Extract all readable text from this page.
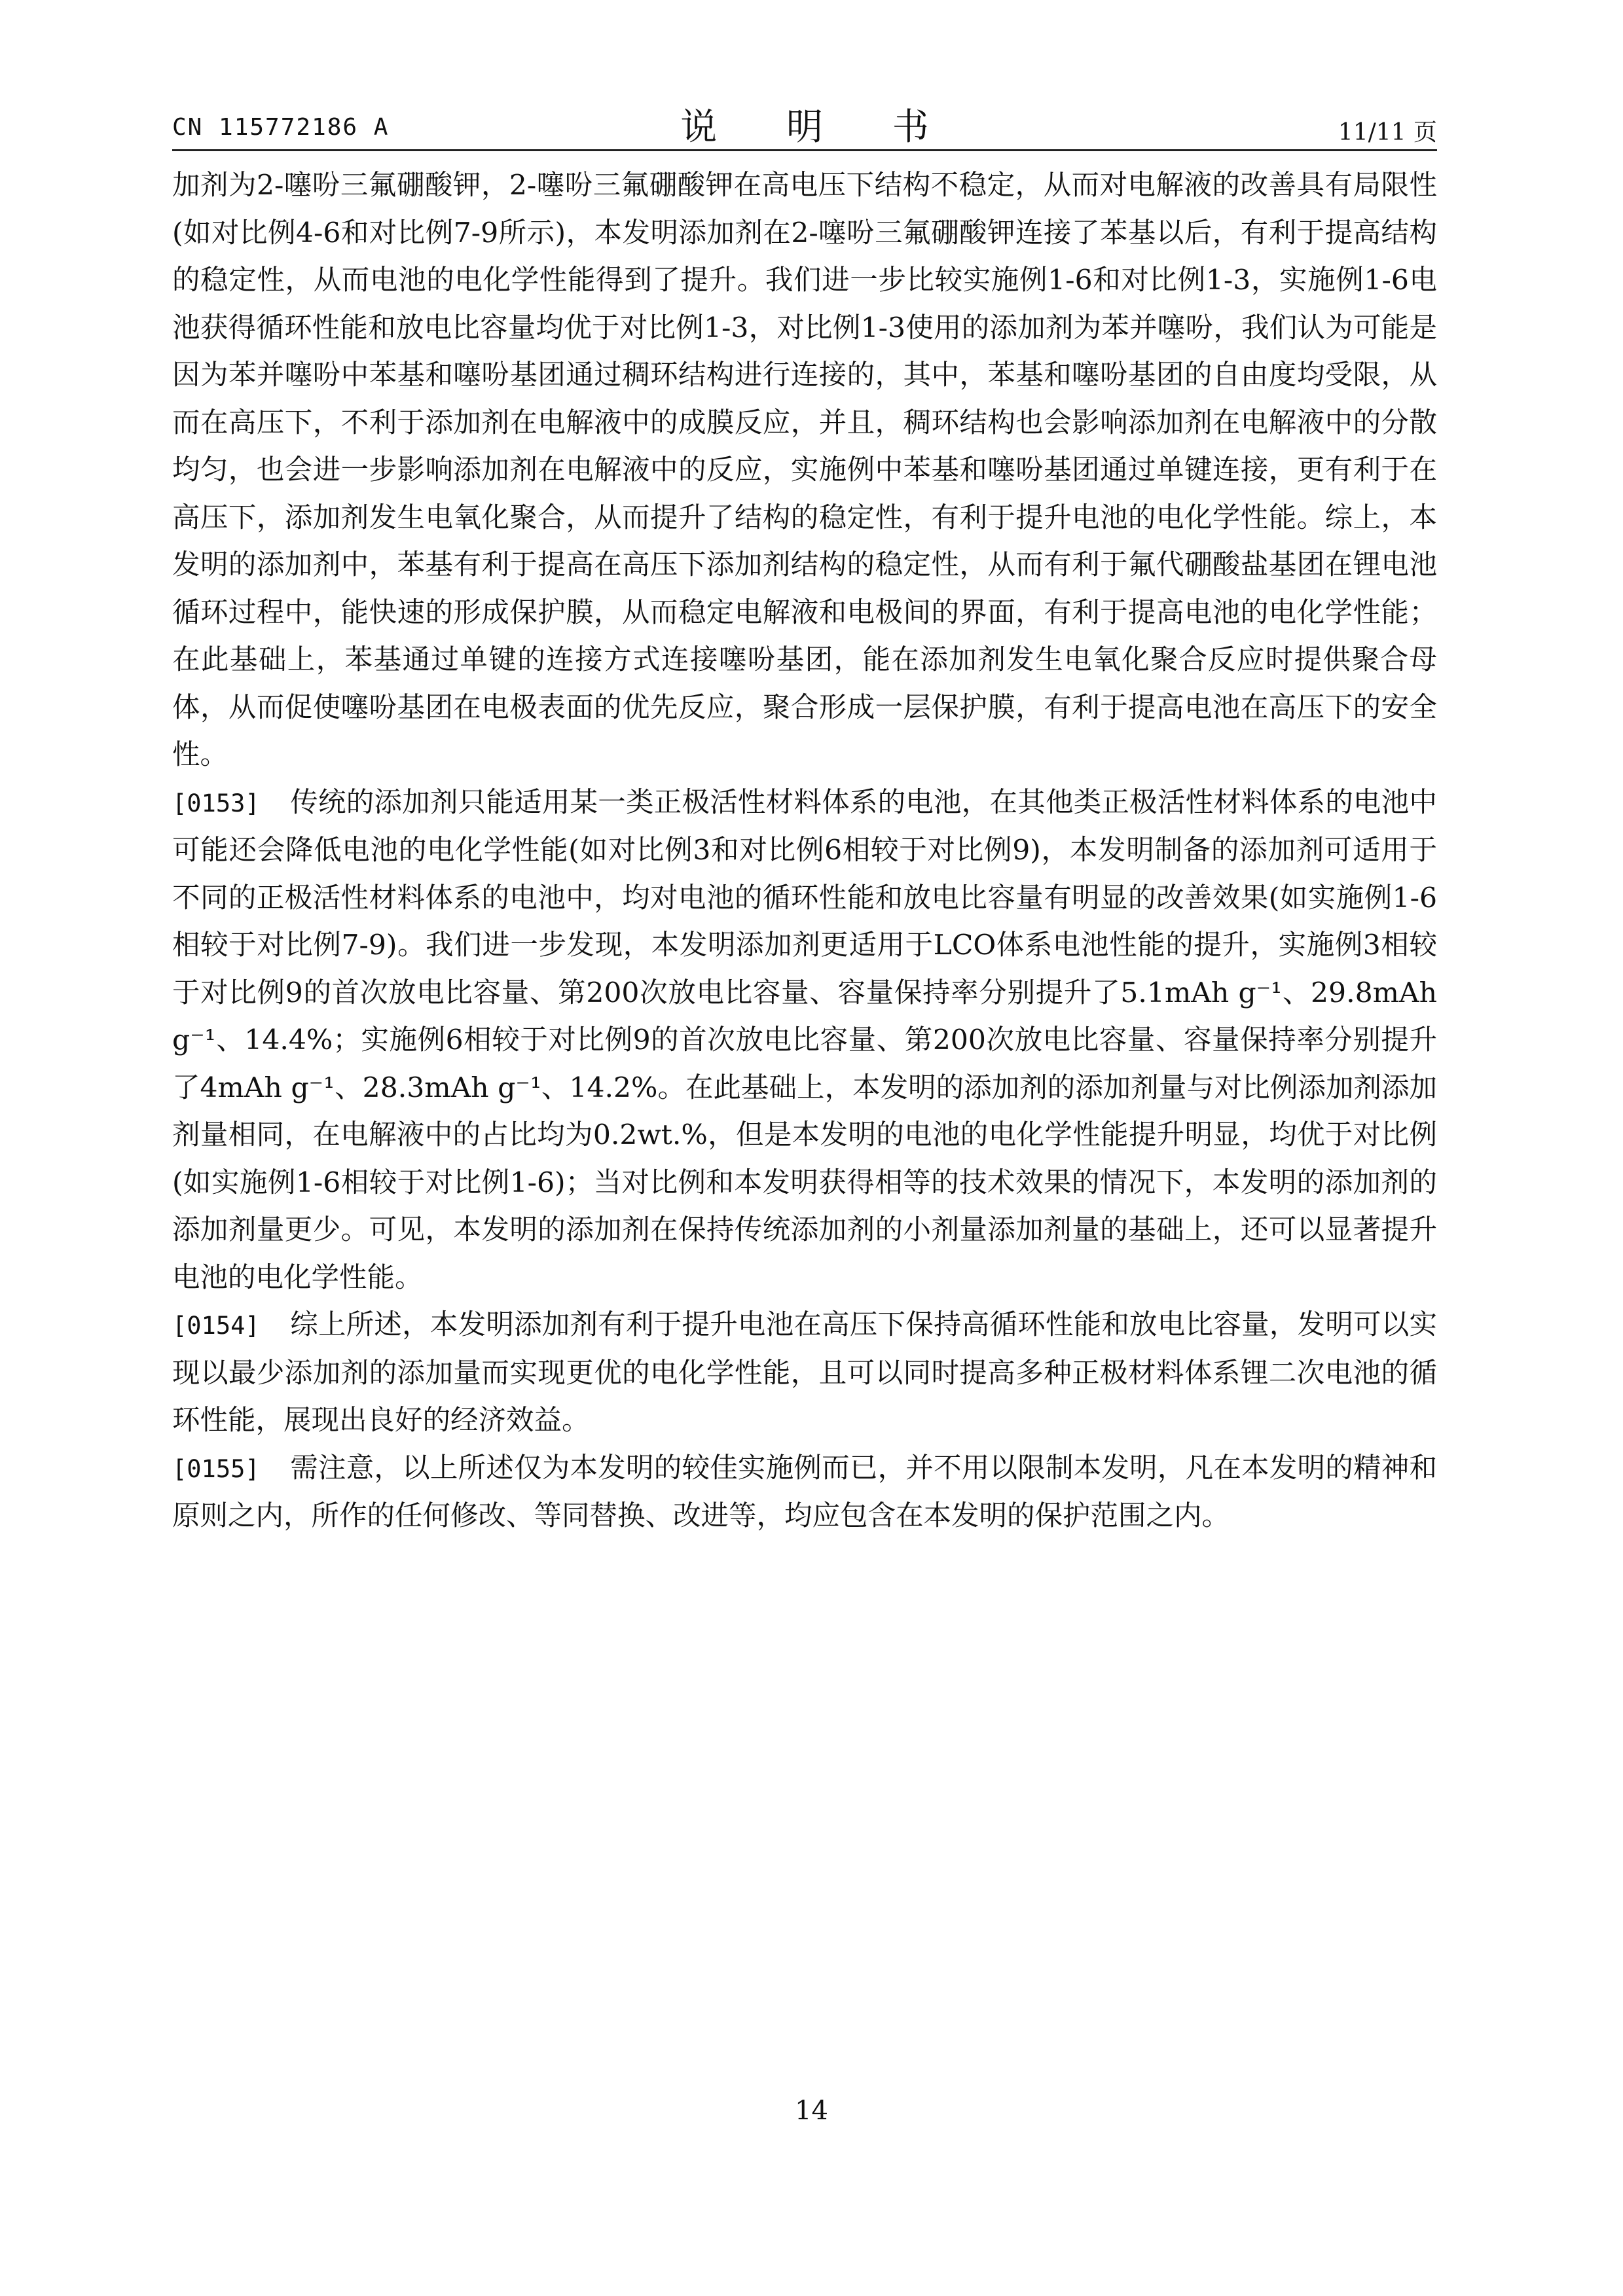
CN 115772186 A	说 明 书	11/11 页

加剂为2-噻吩三氟硼酸钾，2-噻吩三氟硼酸钾在高电压下结构不稳定，从而对电解液的改善具有局限性(如对比例4-6和对比例7-9所示)，本发明添加剂在2-噻吩三氟硼酸钾连接了苯基以后，有利于提高结构的稳定性，从而电池的电化学性能得到了提升。我们进一步比较实施例1-6和对比例1-3，实施例1-6电池获得循环性能和放电比容量均优于对比例1-3，对比例1-3使用的添加剂为苯并噻吩，我们认为可能是因为苯并噻吩中苯基和噻吩基团通过稠环结构进行连接的，其中，苯基和噻吩基团的自由度均受限，从而在高压下，不利于添加剂在电解液中的成膜反应，并且，稠环结构也会影响添加剂在电解液中的分散均匀，也会进一步影响添加剂在电解液中的反应，实施例中苯基和噻吩基团通过单键连接，更有利于在高压下，添加剂发生电氧化聚合，从而提升了结构的稳定性，有利于提升电池的电化学性能。综上，本发明的添加剂中，苯基有利于提高在高压下添加剂结构的稳定性，从而有利于氟代硼酸盐基团在锂电池循环过程中，能快速的形成保护膜，从而稳定电解液和电极间的界面，有利于提高电池的电化学性能；在此基础上，苯基通过单键的连接方式连接噻吩基团，能在添加剂发生电氧化聚合反应时提供聚合母体，从而促使噻吩基团在电极表面的优先反应，聚合形成一层保护膜，有利于提高电池在高压下的安全性。

[0153] 传统的添加剂只能适用某一类正极活性材料体系的电池，在其他类正极活性材料体系的电池中可能还会降低电池的电化学性能(如对比例3和对比例6相较于对比例9)，本发明制备的添加剂可适用于不同的正极活性材料体系的电池中，均对电池的循环性能和放电比容量有明显的改善效果(如实施例1-6相较于对比例7-9)。我们进一步发现，本发明添加剂更适用于LCO体系电池性能的提升，实施例3相较于对比例9的首次放电比容量、第200次放电比容量、容量保持率分别提升了5.1mAh g⁻¹、29.8mAh g⁻¹、14.4%；实施例6相较于对比例9的首次放电比容量、第200次放电比容量、容量保持率分别提升了4mAh g⁻¹、28.3mAh g⁻¹、14.2%。在此基础上，本发明的添加剂的添加剂量与对比例添加剂添加剂量相同，在电解液中的占比均为0.2wt.%，但是本发明的电池的电化学性能提升明显，均优于对比例(如实施例1-6相较于对比例1-6)；当对比例和本发明获得相等的技术效果的情况下，本发明的添加剂的添加剂量更少。可见，本发明的添加剂在保持传统添加剂的小剂量添加剂量的基础上，还可以显著提升电池的电化学性能。

[0154] 综上所述，本发明添加剂有利于提升电池在高压下保持高循环性能和放电比容量，发明可以实现以最少添加剂的添加量而实现更优的电化学性能，且可以同时提高多种正极材料体系锂二次电池的循环性能，展现出良好的经济效益。

[0155] 需注意，以上所述仅为本发明的较佳实施例而已，并不用以限制本发明，凡在本发明的精神和原则之内，所作的任何修改、等同替换、改进等，均应包含在本发明的保护范围之内。

14
